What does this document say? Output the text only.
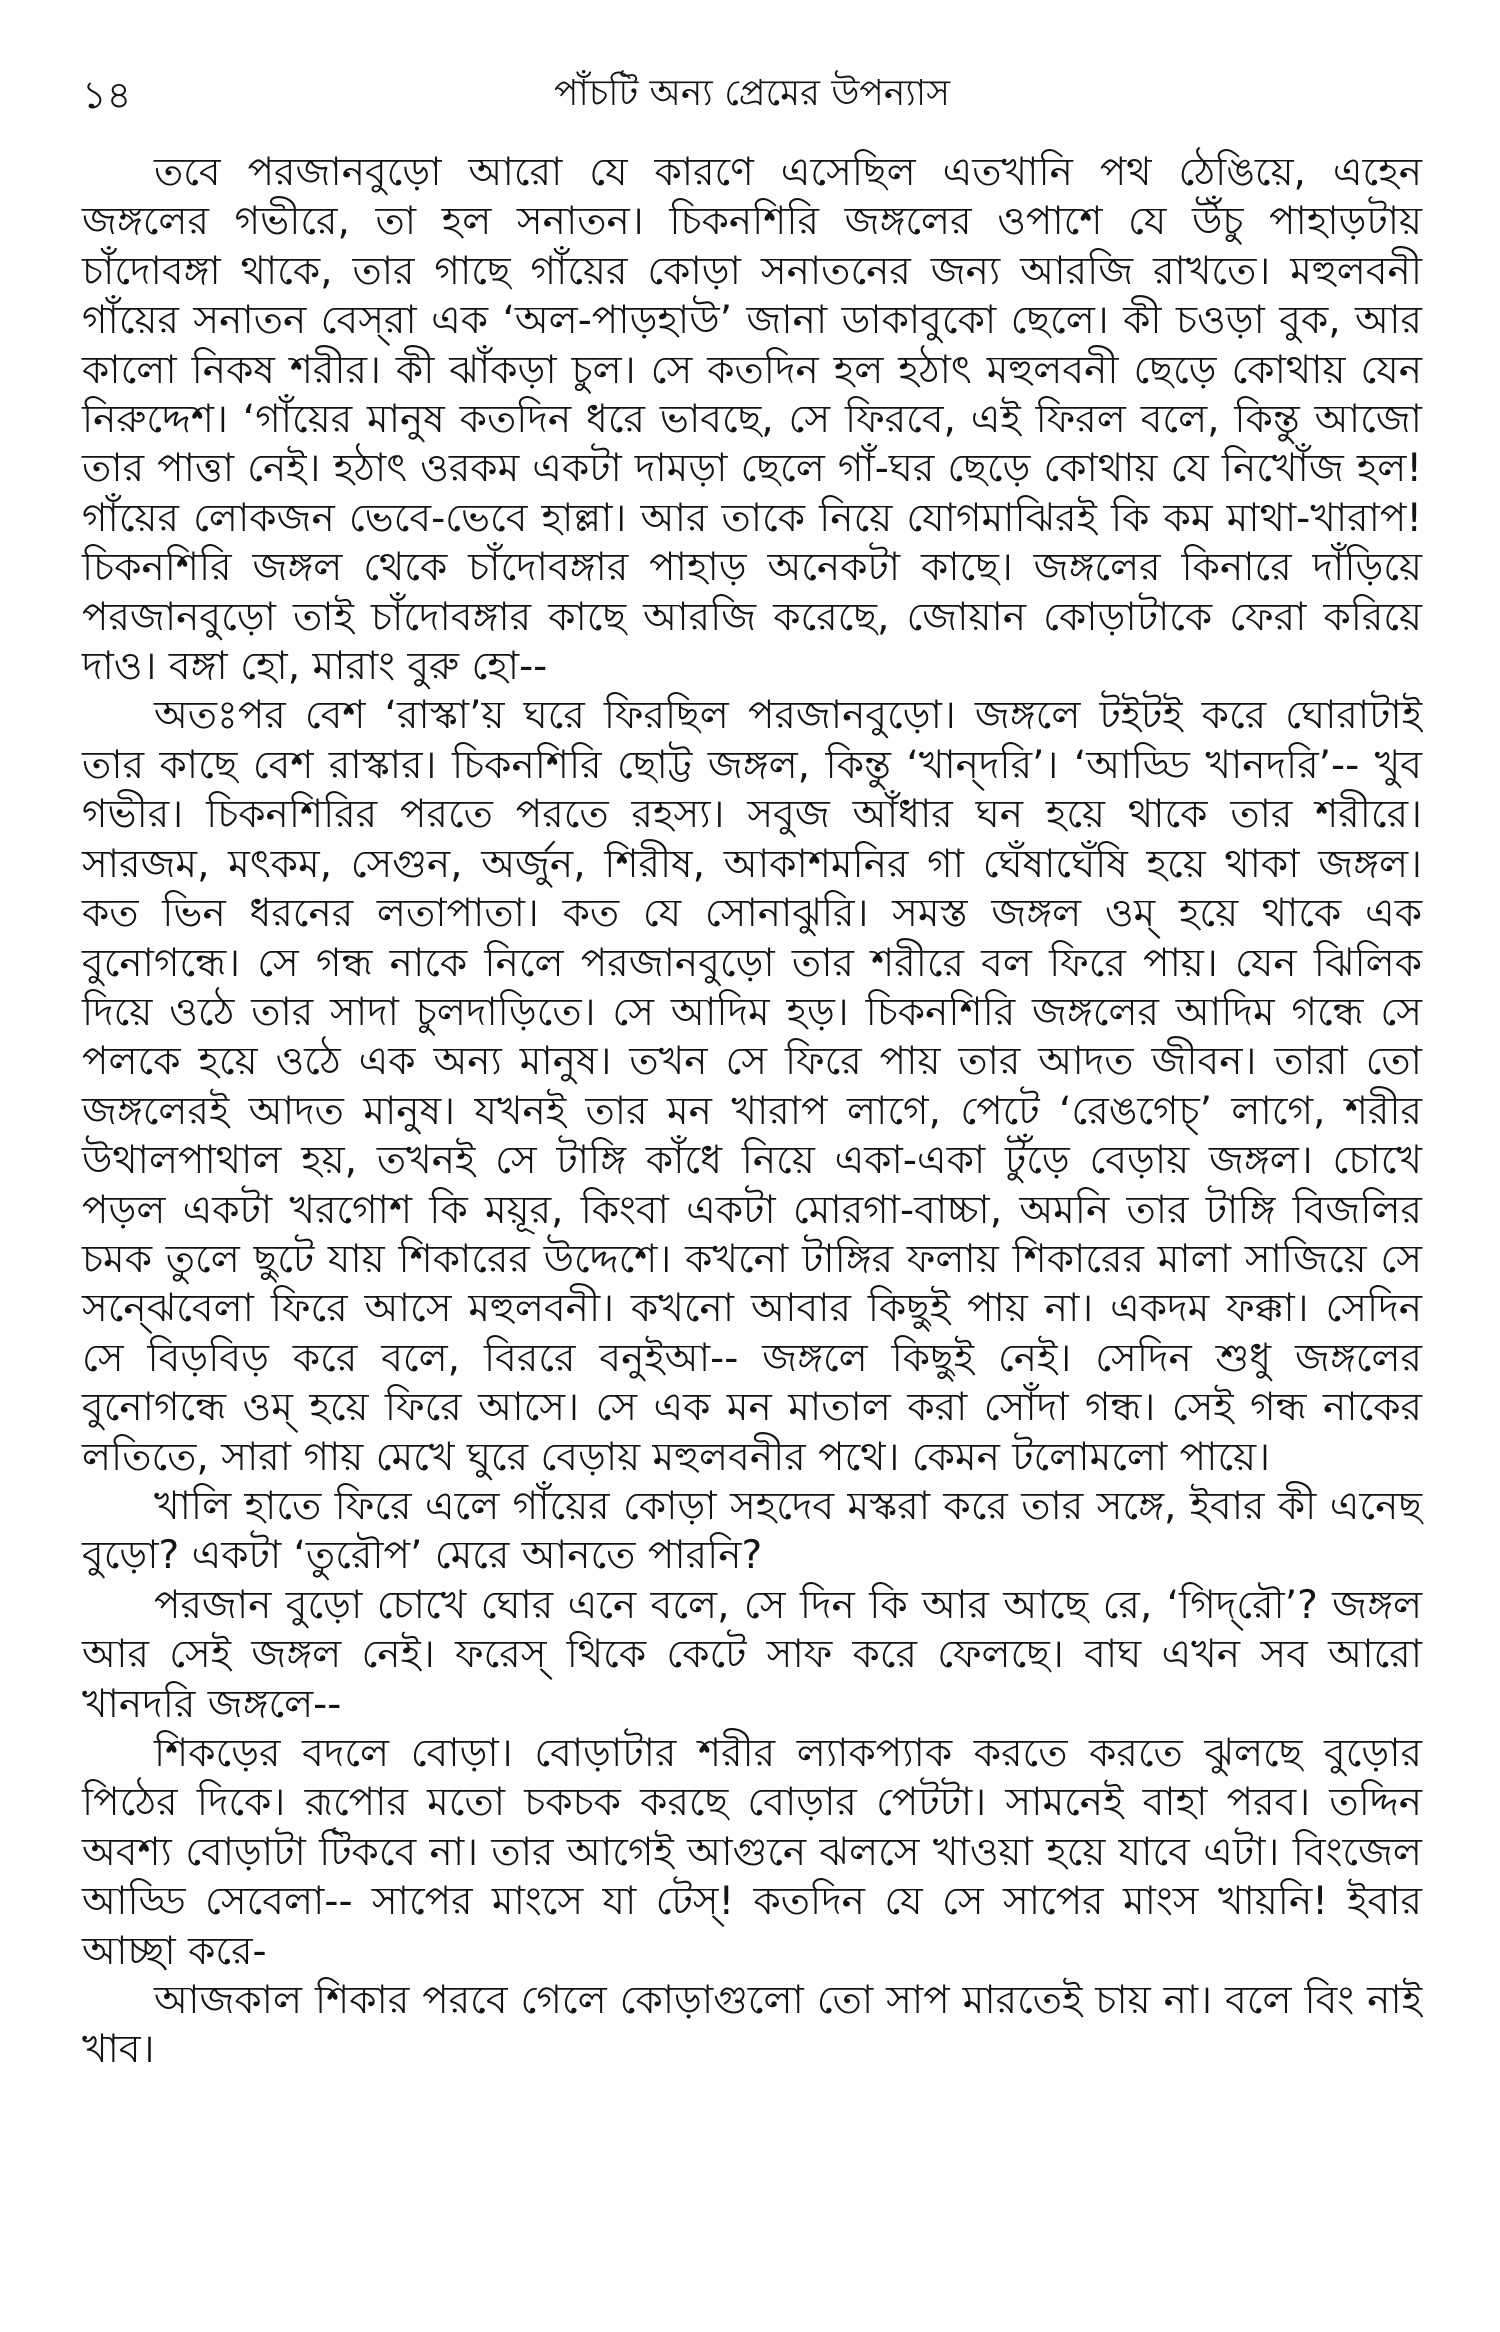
১৪	পাঁচটি অন্য প্রেমের উপন্যাস

তবে পরজানবুড়ো আরো যে কারণে এসেছিল এতখানি পথ ঠেঙিয়ে, এহেন জঙ্গলের গভীরে, তা হল সনাতন। চিকনশিরি জঙ্গলের ওপাশে যে উঁচু পাহাড়টায় চাঁদোবঙ্গা থাকে, তার গাছে গাঁয়ের কোড়া সনাতনের জন্য আরজি রাখতে। মহুলবনী গাঁয়ের সনাতন বেস্‌রা এক ‘অল-পাড়হাউ’ জানা ডাকাবুকো ছেলে। কী চওড়া বুক, আর কালো নিকষ শরীর। কী ঝাঁকড়া চুল। সে কতদিন হল হঠাৎ মহুলবনী ছেড়ে কোথায় যেন নিরুদ্দেশ। ‘গাঁয়ের মানুষ কতদিন ধরে ভাবছে, সে ফিরবে, এই ফিরল বলে, কিন্তু আজো তার পাত্তা নেই। হঠাৎ ওরকম একটা দামড়া ছেলে গাঁ-ঘর ছেড়ে কোথায় যে নিখোঁজ হল! গাঁয়ের লোকজন ভেবে-ভেবে হাল্লা। আর তাকে নিয়ে যোগমাঝিরই কি কম মাথা-খারাপ! চিকনশিরি জঙ্গল থেকে চাঁদোবঙ্গার পাহাড় অনেকটা কাছে। জঙ্গলের কিনারে দাঁড়িয়ে পরজানবুড়ো তাই চাঁদোবঙ্গার কাছে আরজি করেছে, জোয়ান কোড়াটাকে ফেরা করিয়ে দাও। বঙ্গা হো, মারাং বুরু হো--

অতঃপর বেশ ‘রাস্কা’য় ঘরে ফিরছিল পরজানবুড়ো। জঙ্গলে টইটই করে ঘোরাটাই তার কাছে বেশ রাস্কার। চিকনশিরি ছোট্ট জঙ্গল, কিন্তু ‘খান্‌দরি’। ‘আড্ডি খানদরি’-- খুব গভীর। চিকনশিরির পরতে পরতে রহস্য। সবুজ আঁধার ঘন হয়ে থাকে তার শরীরে। সারজম, মৎকম, সেগুন, অর্জুন, শিরীষ, আকাশমনির গা ঘেঁষাঘেঁষি হয়ে থাকা জঙ্গল। কত ভিন ধরনের লতাপাতা। কত যে সোনাঝুরি। সমস্ত জঙ্গল ওম্‌ হয়ে থাকে এক বুনোগন্ধে। সে গন্ধ নাকে নিলে পরজানবুড়ো তার শরীরে বল ফিরে পায়। যেন ঝিলিক দিয়ে ওঠে তার সাদা চুলদাড়িতে। সে আদিম হড়। চিকনশিরি জঙ্গলের আদিম গন্ধে সে পলকে হয়ে ওঠে এক অন্য মানুষ। তখন সে ফিরে পায় তার আদত জীবন। তারা তো জঙ্গলেরই আদত মানুষ। যখনই তার মন খারাপ লাগে, পেটে ‘রেঙগেচ্’ লাগে, শরীর উথালপাথাল হয়, তখনই সে টাঙ্গি কাঁধে নিয়ে একা-একা টুঁড়ে বেড়ায় জঙ্গল। চোখে পড়ল একটা খরগোশ কি ময়ূর, কিংবা একটা মোরগা-বাচ্চা, অমনি তার টাঙ্গি বিজলির চমক তুলে ছুটে যায় শিকারের উদ্দেশে। কখনো টাঙ্গির ফলায় শিকারের মালা সাজিয়ে সে সন্ঝেবেলা ফিরে আসে মহুলবনী। কখনো আবার কিছুই পায় না। একদম ফক্কা। সেদিন সে বিড়বিড় করে বলে, বিররে বনুইআ-- জঙ্গলে কিছুই নেই। সেদিন শুধু জঙ্গলের বুনোগন্ধে ওম্‌ হয়ে ফিরে আসে। সে এক মন মাতাল করা সোঁদা গন্ধ। সেই গন্ধ নাকের লতিতে, সারা গায় মেখে ঘুরে বেড়ায় মহুলবনীর পথে। কেমন টলোমলো পায়ে।

খালি হাতে ফিরে এলে গাঁয়ের কোড়া সহদেব মস্করা করে তার সঙ্গে, ইবার কী এনেছ বুড়ো? একটা ‘তুরৌপ’ মেরে আনতে পারনি?

পরজান বুড়ো চোখে ঘোর এনে বলে, সে দিন কি আর আছে রে, ‘গিদ্‌রৌ’? জঙ্গল আর সেই জঙ্গল নেই। ফরেস্‌ থিকে কেটে সাফ করে ফেলছে। বাঘ এখন সব আরো খানদরি জঙ্গলে--

শিকড়ের বদলে বোড়া। বোড়াটার শরীর ল্যাকপ্যাক করতে করতে ঝুলছে বুড়োর পিঠের দিকে। রূপোর মতো চকচক করছে বোড়ার পেটটা। সামনেই বাহা পরব। তদ্দিন অবশ্য বোড়াটা টিকবে না। তার আগেই আগুনে ঝলসে খাওয়া হয়ে যাবে এটা। বিংজেল আড্ডি সেবেলা-- সাপের মাংসে যা টেস্! কতদিন যে সে সাপের মাংস খায়নি! ইবার আচ্ছা করে-

আজকাল শিকার পরবে গেলে কোড়াগুলো তো সাপ মারতেই চায় না। বলে বিং নাই খাব।
